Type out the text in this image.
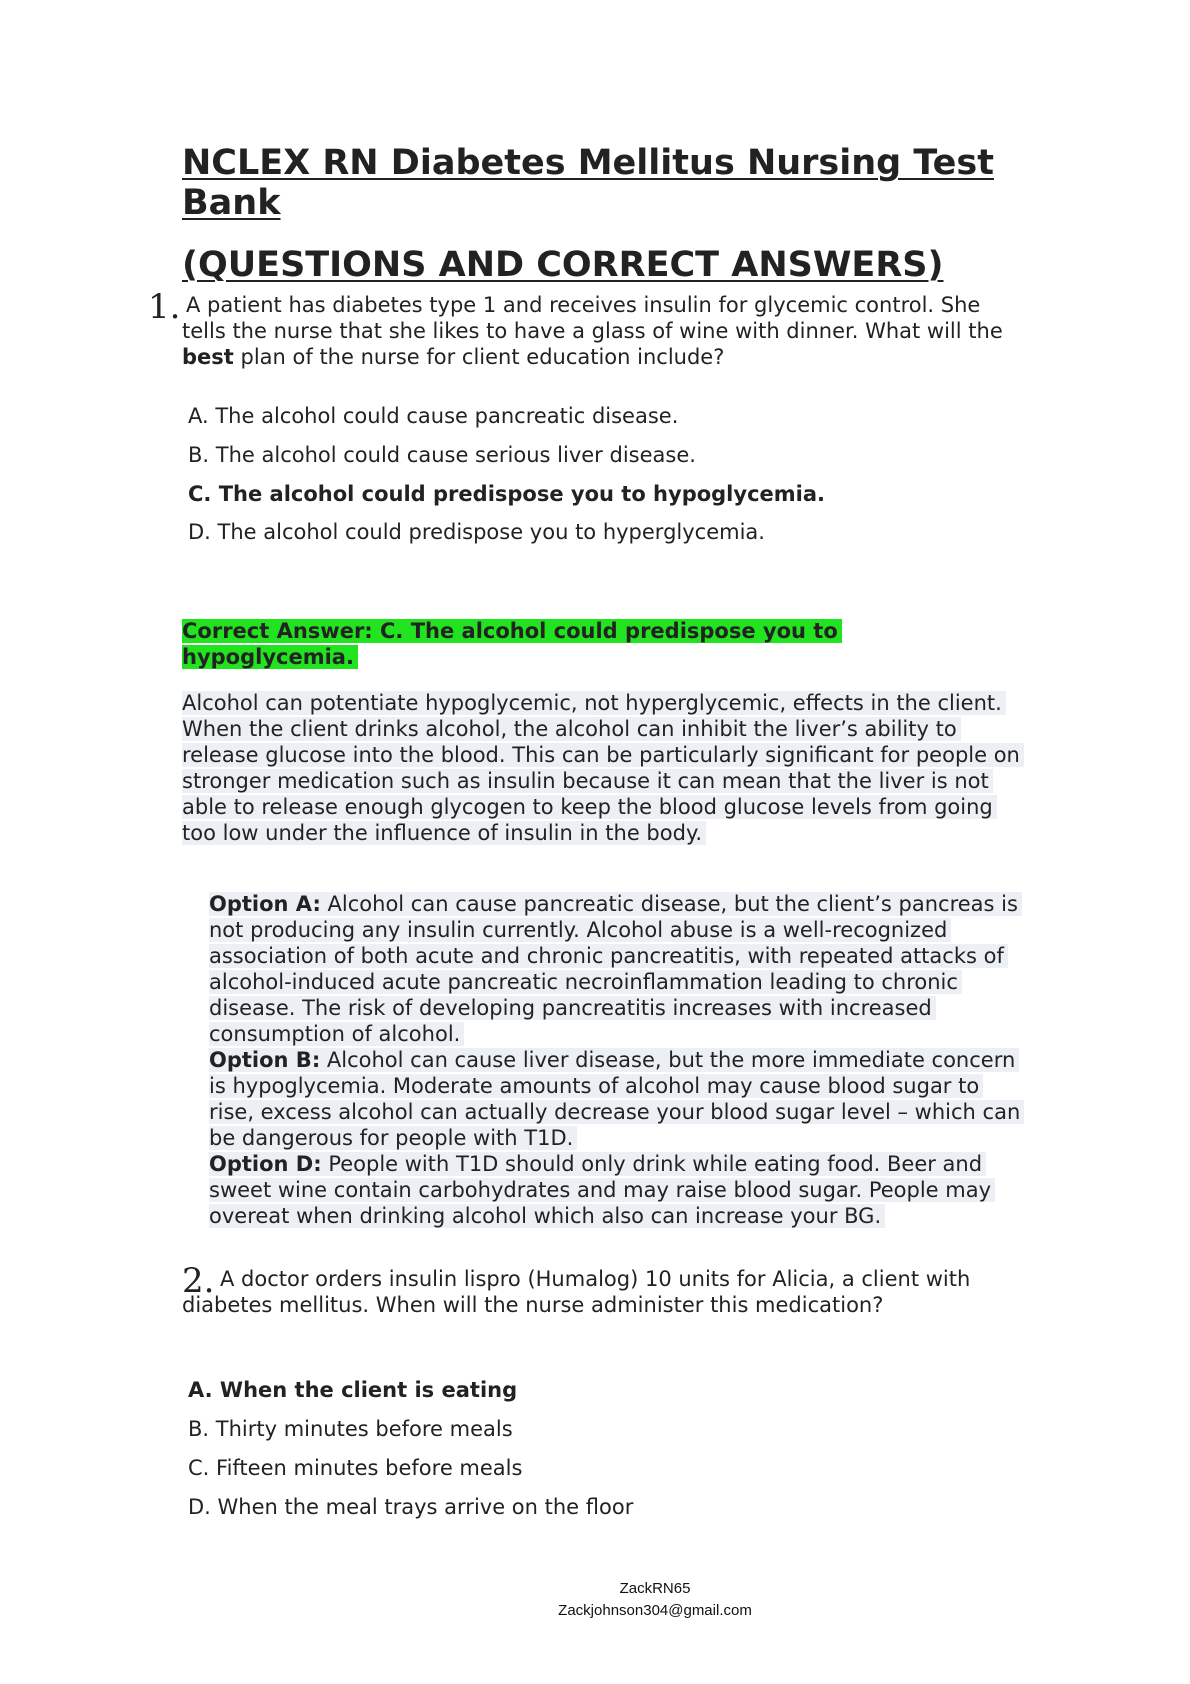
NCLEX RN Diabetes Mellitus Nursing Test Bank
(QUESTIONS AND CORRECT ANSWERS)
1. A patient has diabetes type 1 and receives insulin for glycemic control. She tells the nurse that she likes to have a glass of wine with dinner. What will the best plan of the nurse for client education include?

A. The alcohol could cause pancreatic disease.

B. The alcohol could cause serious liver disease.

C. The alcohol could predispose you to hypoglycemia.

D. The alcohol could predispose you to hyperglycemia.

Correct Answer: C. The alcohol could predispose you to hypoglycemia.

Alcohol can potentiate hypoglycemic, not hyperglycemic, effects in the client. When the client drinks alcohol, the alcohol can inhibit the liver’s ability to release glucose into the blood. This can be particularly significant for people on stronger medication such as insulin because it can mean that the liver is not able to release enough glycogen to keep the blood glucose levels from going too low under the influence of insulin in the body.

Option A: Alcohol can cause pancreatic disease, but the client’s pancreas is not producing any insulin currently. Alcohol abuse is a well-recognized association of both acute and chronic pancreatitis, with repeated attacks of alcohol-induced acute pancreatic necroinflammation leading to chronic disease. The risk of developing pancreatitis increases with increased consumption of alcohol.

Option B: Alcohol can cause liver disease, but the more immediate concern is hypoglycemia. Moderate amounts of alcohol may cause blood sugar to rise, excess alcohol can actually decrease your blood sugar level – which can be dangerous for people with T1D.

Option D: People with T1D should only drink while eating food. Beer and sweet wine contain carbohydrates and may raise blood sugar. People may overeat when drinking alcohol which also can increase your BG.

2. A doctor orders insulin lispro (Humalog) 10 units for Alicia, a client with diabetes mellitus. When will the nurse administer this medication?

A. When the client is eating

B. Thirty minutes before meals

C. Fifteen minutes before meals

D. When the meal trays arrive on the floor

ZackRN65
Zackjohnson304@gmail.com
